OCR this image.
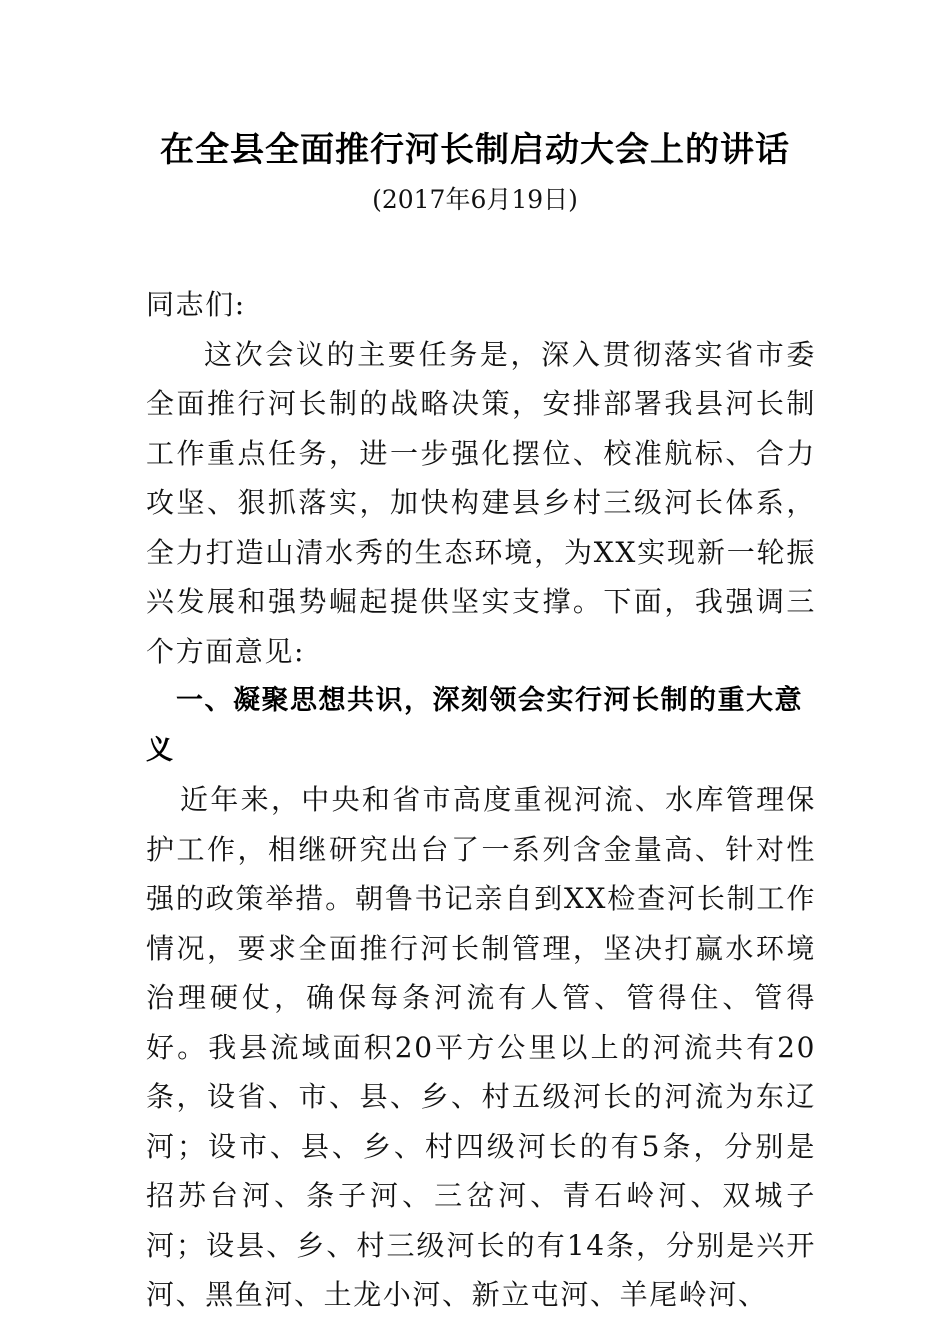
在全县全面推行河长制启动大会上的讲话
(2017年6月19日)

同志们:

这次会议的主要任务是，深入贯彻落实省市委全面推行河长制的战略决策，安排部署我县河长制工作重点任务，进一步强化摆位、校准航标、合力攻坚、狠抓落实，加快构建县乡村三级河长体系，全力打造山清水秀的生态环境，为XX实现新一轮振兴发展和强势崛起提供坚实支撑。下面，我强调三个方面意见:

一、凝聚思想共识，深刻领会实行河长制的重大意义

近年来，中央和省市高度重视河流、水库管理保护工作，相继研究出台了一系列含金量高、针对性强的政策举措。朝鲁书记亲自到XX检查河长制工作情况，要求全面推行河长制管理，坚决打赢水环境治理硬仗，确保每条河流有人管、管得住、管得好。我县流域面积20平方公里以上的河流共有20条，设省、市、县、乡、村五级河长的河流为东辽河；设市、县、乡、村四级河长的有5条，分别是招苏台河、条子河、三岔河、青石岭河、双城子河；设县、乡、村三级河长的有14条，分别是兴开河、黑鱼河、土龙小河、新立屯河、羊尾岭河、
